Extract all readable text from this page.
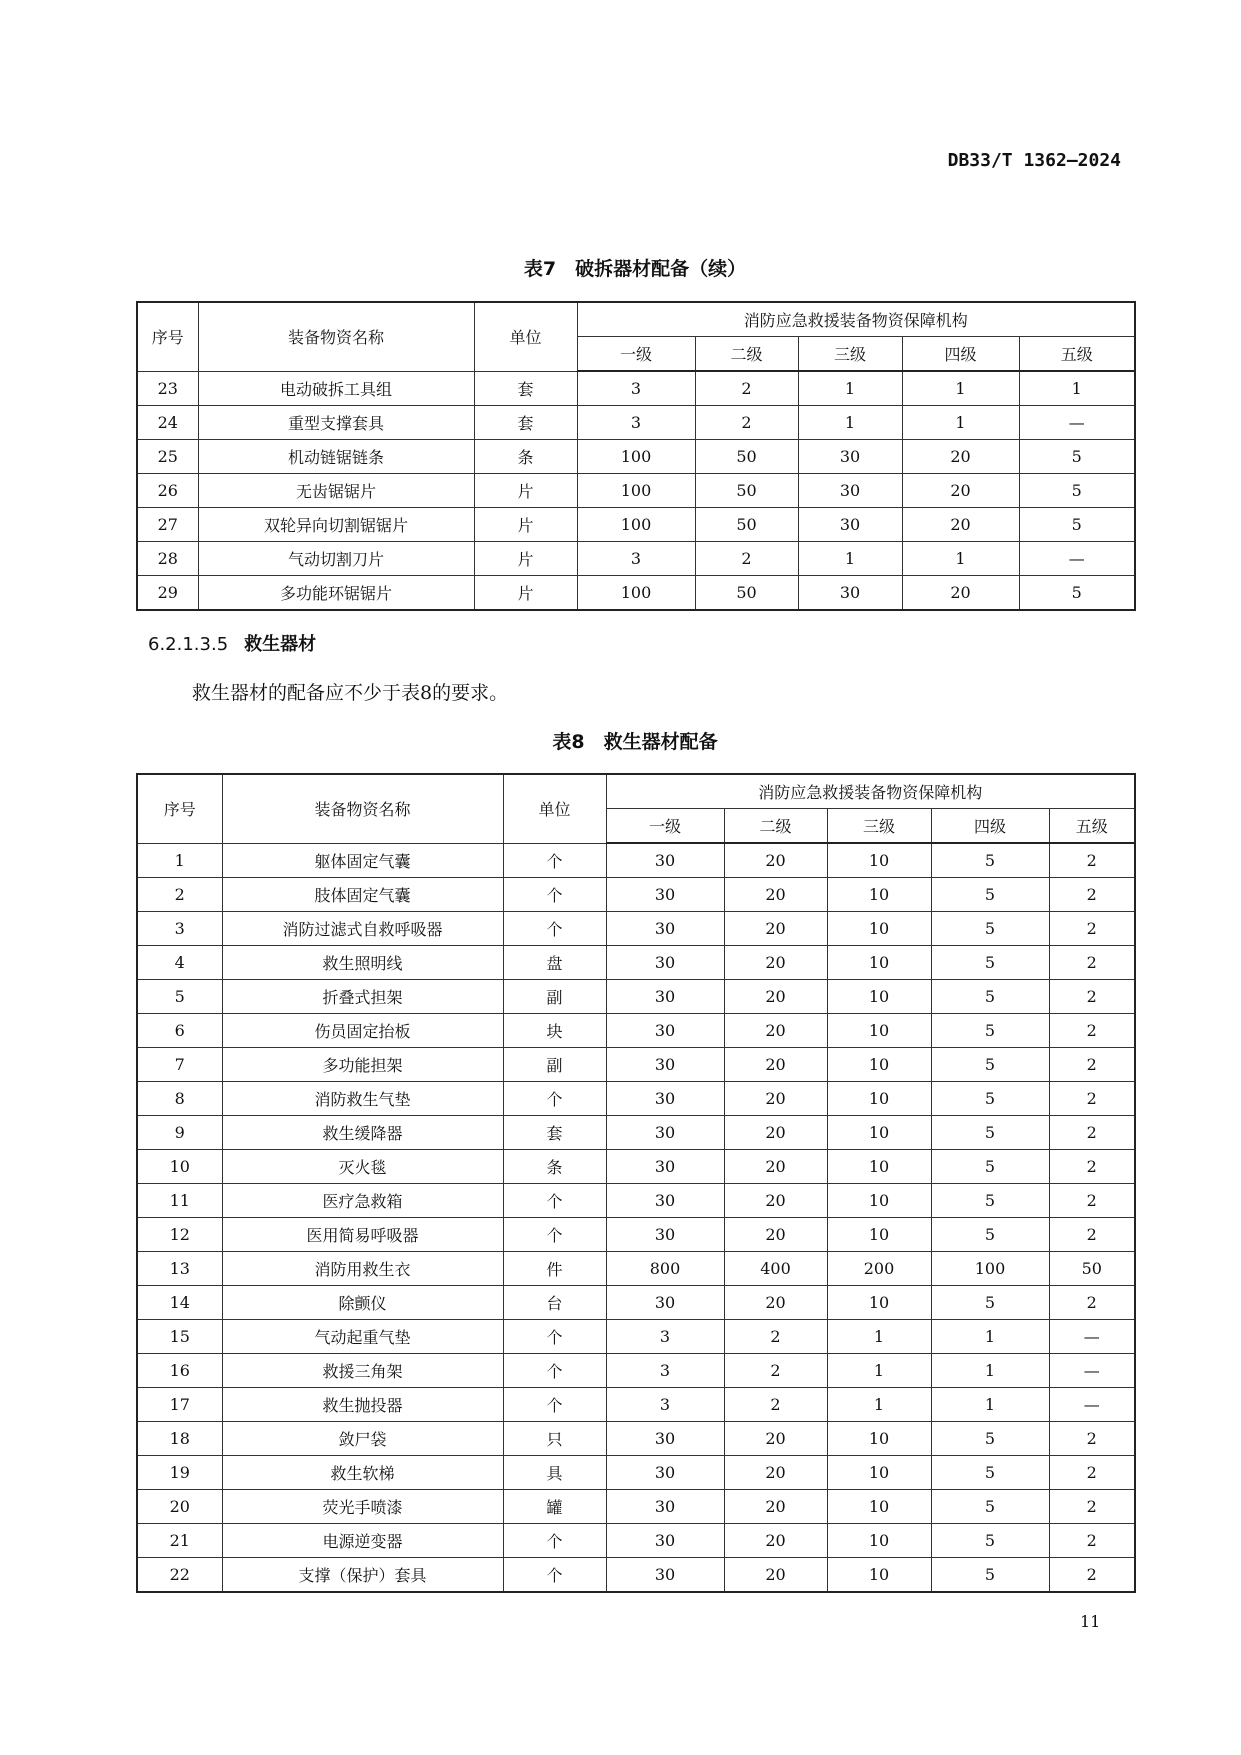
DB33/T 1362—2024
表7　破拆器材配备（续）
序号	装备物资名称	单位	消防应急救援装备物资保障机构				
			一级	二级	三级	四级	五级
23	电动破拆工具组	套	3	2	1	1	1
24	重型支撑套具	套	3	2	1	1	—
25	机动链锯链条	条	100	50	30	20	5
26	无齿锯锯片	片	100	50	30	20	5
27	双轮异向切割锯锯片	片	100	50	30	20	5
28	气动切割刀片	片	3	2	1	1	—
29	多功能环锯锯片	片	100	50	30	20	5
6.2.1.3.5 救生器材
救生器材的配备应不少于表8的要求。
表8　救生器材配备
序号	装备物资名称	单位	消防应急救援装备物资保障机构				
			一级	二级	三级	四级	五级
1	躯体固定气囊	个	30	20	10	5	2
2	肢体固定气囊	个	30	20	10	5	2
3	消防过滤式自救呼吸器	个	30	20	10	5	2
4	救生照明线	盘	30	20	10	5	2
5	折叠式担架	副	30	20	10	5	2
6	伤员固定抬板	块	30	20	10	5	2
7	多功能担架	副	30	20	10	5	2
8	消防救生气垫	个	30	20	10	5	2
9	救生缓降器	套	30	20	10	5	2
10	灭火毯	条	30	20	10	5	2
11	医疗急救箱	个	30	20	10	5	2
12	医用简易呼吸器	个	30	20	10	5	2
13	消防用救生衣	件	800	400	200	100	50
14	除颤仪	台	30	20	10	5	2
15	气动起重气垫	个	3	2	1	1	—
16	救援三角架	个	3	2	1	1	—
17	救生抛投器	个	3	2	1	1	—
18	敛尸袋	只	30	20	10	5	2
19	救生软梯	具	30	20	10	5	2
20	荧光手喷漆	罐	30	20	10	5	2
21	电源逆变器	个	30	20	10	5	2
22	支撑（保护）套具	个	30	20	10	5	2
11
